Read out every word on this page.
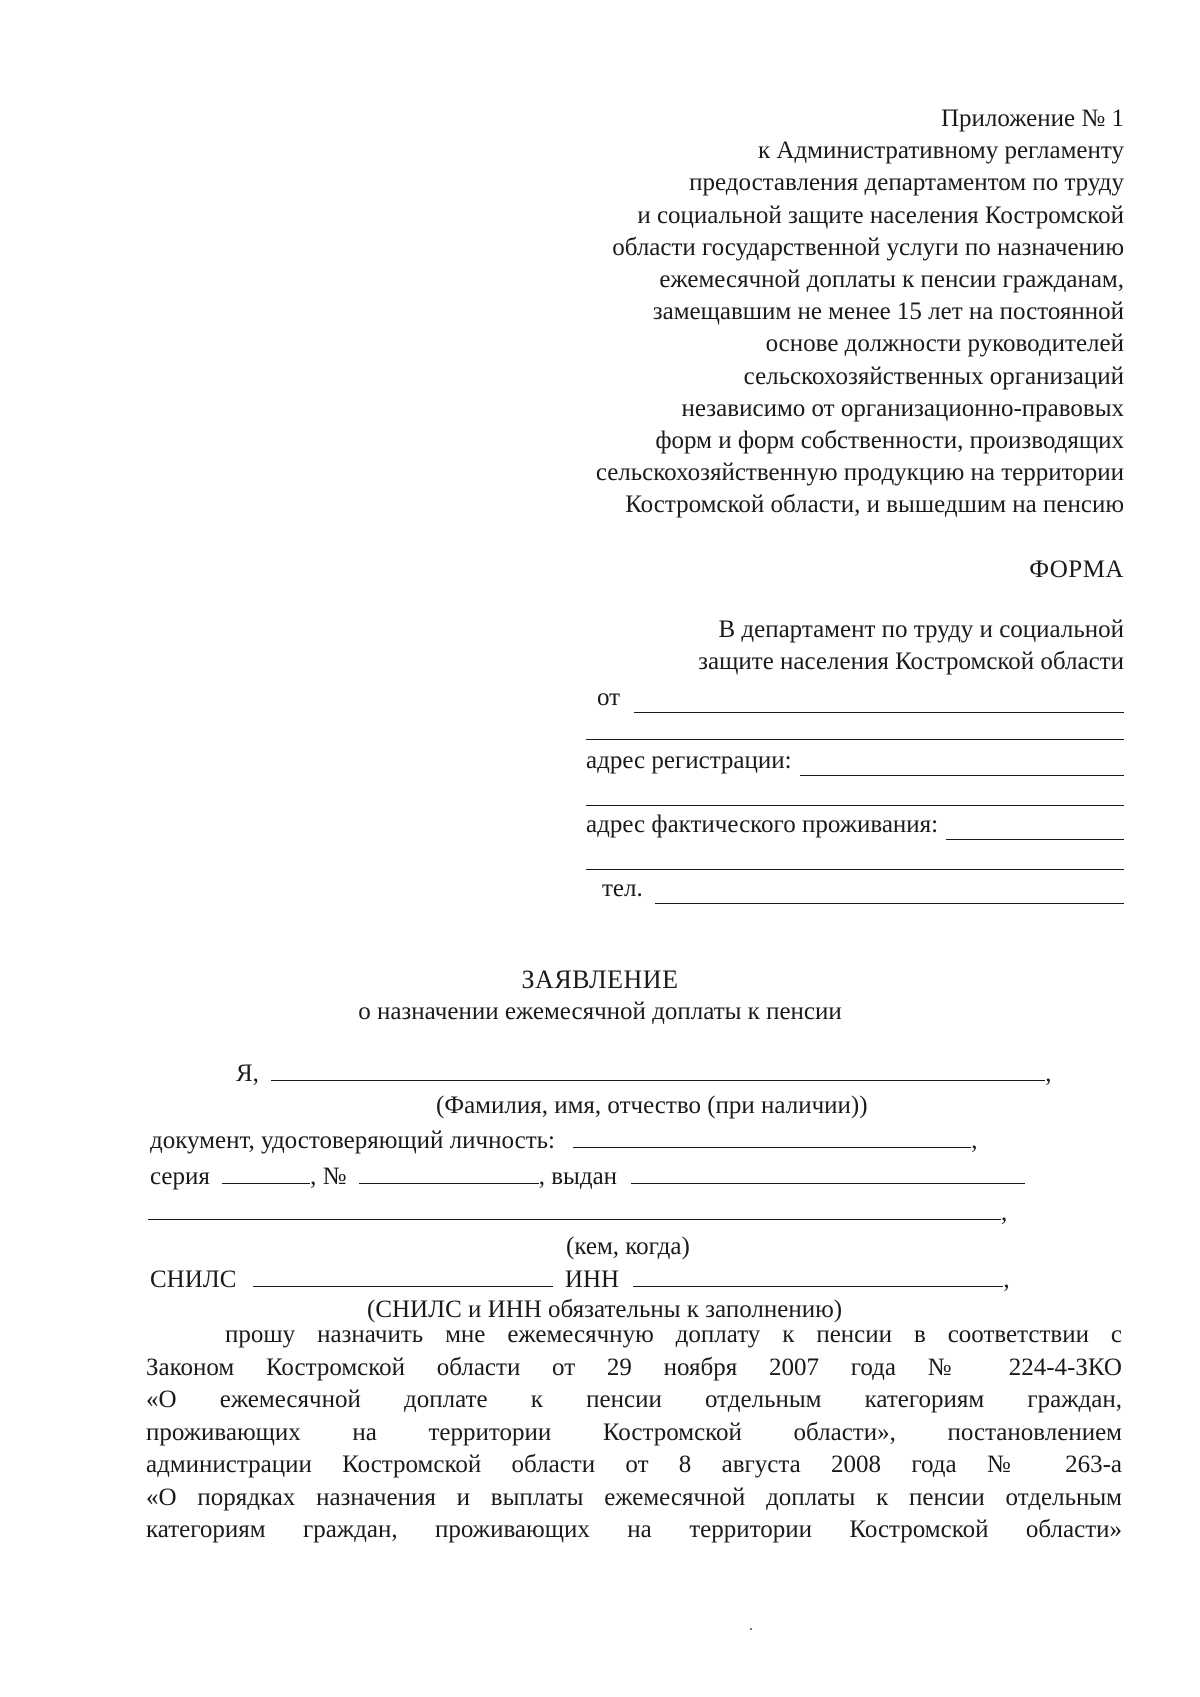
Приложение № 1
к Административному регламенту
предоставления департаментом по труду
и социальной защите населения Костромской
области государственной услуги по назначению
ежемесячной доплаты к пенсии гражданам,
замещавшим не менее 15 лет на постоянной
основе должности руководителей
сельскохозяйственных организаций
независимо от организационно-правовых
форм и форм собственности, производящих
сельскохозяйственную продукцию на территории
Костромской области, и вышедшим на пенсию
ФОРМА
В департамент по труду и социальной
защите населения Костромской области
от
адрес регистрации:
адрес фактического проживания:
тел.
ЗАЯВЛЕНИЕ
о назначении ежемесячной доплаты к пенсии
Я,	,
(Фамилия, имя, отчество (при наличии))
документ, удостоверяющий личность:	,
серия	, №	, выдан
,
(кем, когда)
СНИЛС	ИНН	,
(СНИЛС и ИНН обязательны к заполнению)
прошу назначить мне ежемесячную доплату к пенсии в соответствии с
Законом Костромской области от 29 ноября 2007 года № 224-4-ЗКО
«О ежемесячной доплате к пенсии отдельным категориям граждан,
проживающих на территории Костромской области», постановлением
администрации Костромской области от 8 августа 2008 года № 263-а
«О порядках назначения и выплаты ежемесячной доплаты к пенсии отдельным
категориям граждан, проживающих на территории Костромской области»
